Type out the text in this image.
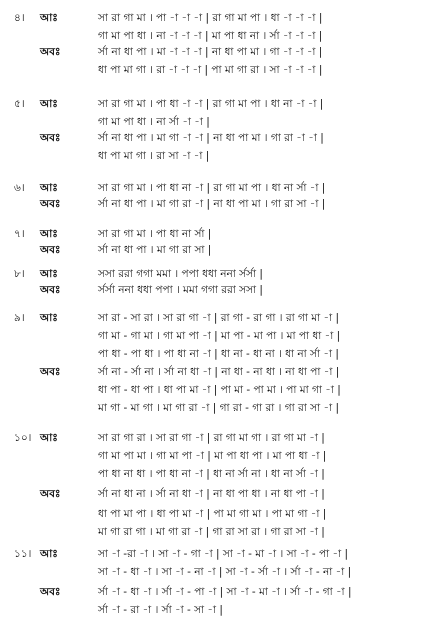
৪। আঃ	সা রা গা মা । পা -া -া -া | রা গা মা পা । ধা -া -া -া |
গা মা পা ধা । না -া -া -া | মা পা ধা না । র্সা -া -া -া |
অবঃ	র্সা না ধা পা । মা -া -া -া | না ধা পা মা । গা -া -া -া |
ধা পা মা গা । রা -া -া -া | পা মা গা রা । সা -া -া -া |
৫। আঃ	সা রা গা মা । পা ধা -া -া | রা গা মা পা । ধা না -া -া |
গা মা পা ধা । না র্সা -া -া |
অবঃ	র্সা না ধা পা । মা গা -া -া | না ধা পা মা । গা রা -া -া |
ধা পা মা গা । রা সা -া -া |
৬। আঃ	সা রা গা মা । পা ধা না -া | রা গা মা পা । ধা না র্সা -া |
অবঃ	র্সা না ধা পা । মা গা রা -া | না ধা পা মা । গা রা সা -া |
৭। আঃ	সা রা গা মা । পা ধা না র্সা |
অবঃ	র্সা না ধা পা । মা গা রা সা |
৮। আঃ	সসা ররা গগা মমা । পপা ধধা ননা র্সর্সা |
অবঃ	র্সর্সা ননা ধধা পপা । মমা গগা ররা সসা |
৯। আঃ	সা রা - সা রা । সা রা গা -া | রা গা - রা গা । রা গা মা -া |
গা মা - গা মা । গা মা পা -া | মা পা - মা পা । মা পা ধা -া |
পা ধা - পা ধা । পা ধা না -া | ধা না - ধা না । ধা না র্সা -া |
অবঃ	র্সা না - র্সা না । র্সা না ধা -া | না ধা - না ধা । না ধা পা -া |
ধা পা - ধা পা । ধা পা মা -া | পা মা - পা মা । পা মা গা -া |
মা গা - মা গা । মা গা রা -া | গা রা - গা রা । গা রা সা -া |
১০। আঃ	সা রা গা রা । সা রা গা -া | রা গা মা গা । রা গা মা -া |
গা মা পা মা । গা মা পা -া | মা পা ধা পা । মা পা ধা -া |
পা ধা না ধা । পা ধা না -া | ধা না র্সা না । ধা না র্সা -া |
অবঃ	র্সা না ধা না । র্সা না ধা -া | না ধা পা ধা । না ধা পা -া |
ধা পা মা পা । ধা পা মা -া | পা মা গা মা । পা মা গা -া |
মা গা রা গা । মা গা রা -া | গা রা সা রা । গা রা সা -া |
১১। আঃ	সা -া -রা -া । সা -া - গা -া | সা -া - মা -া । সা -া - পা -া |
সা -া - ধা -া । সা -া - না -া | সা -া - র্সা -া । র্সা -া - না -া |
অবঃ	র্সা -া - ধা -া । র্সা -া - পা -া | সা -া - মা -া । র্সা -া - গা -া |
র্সা -া - রা -া । র্সা -া - সা -া |
